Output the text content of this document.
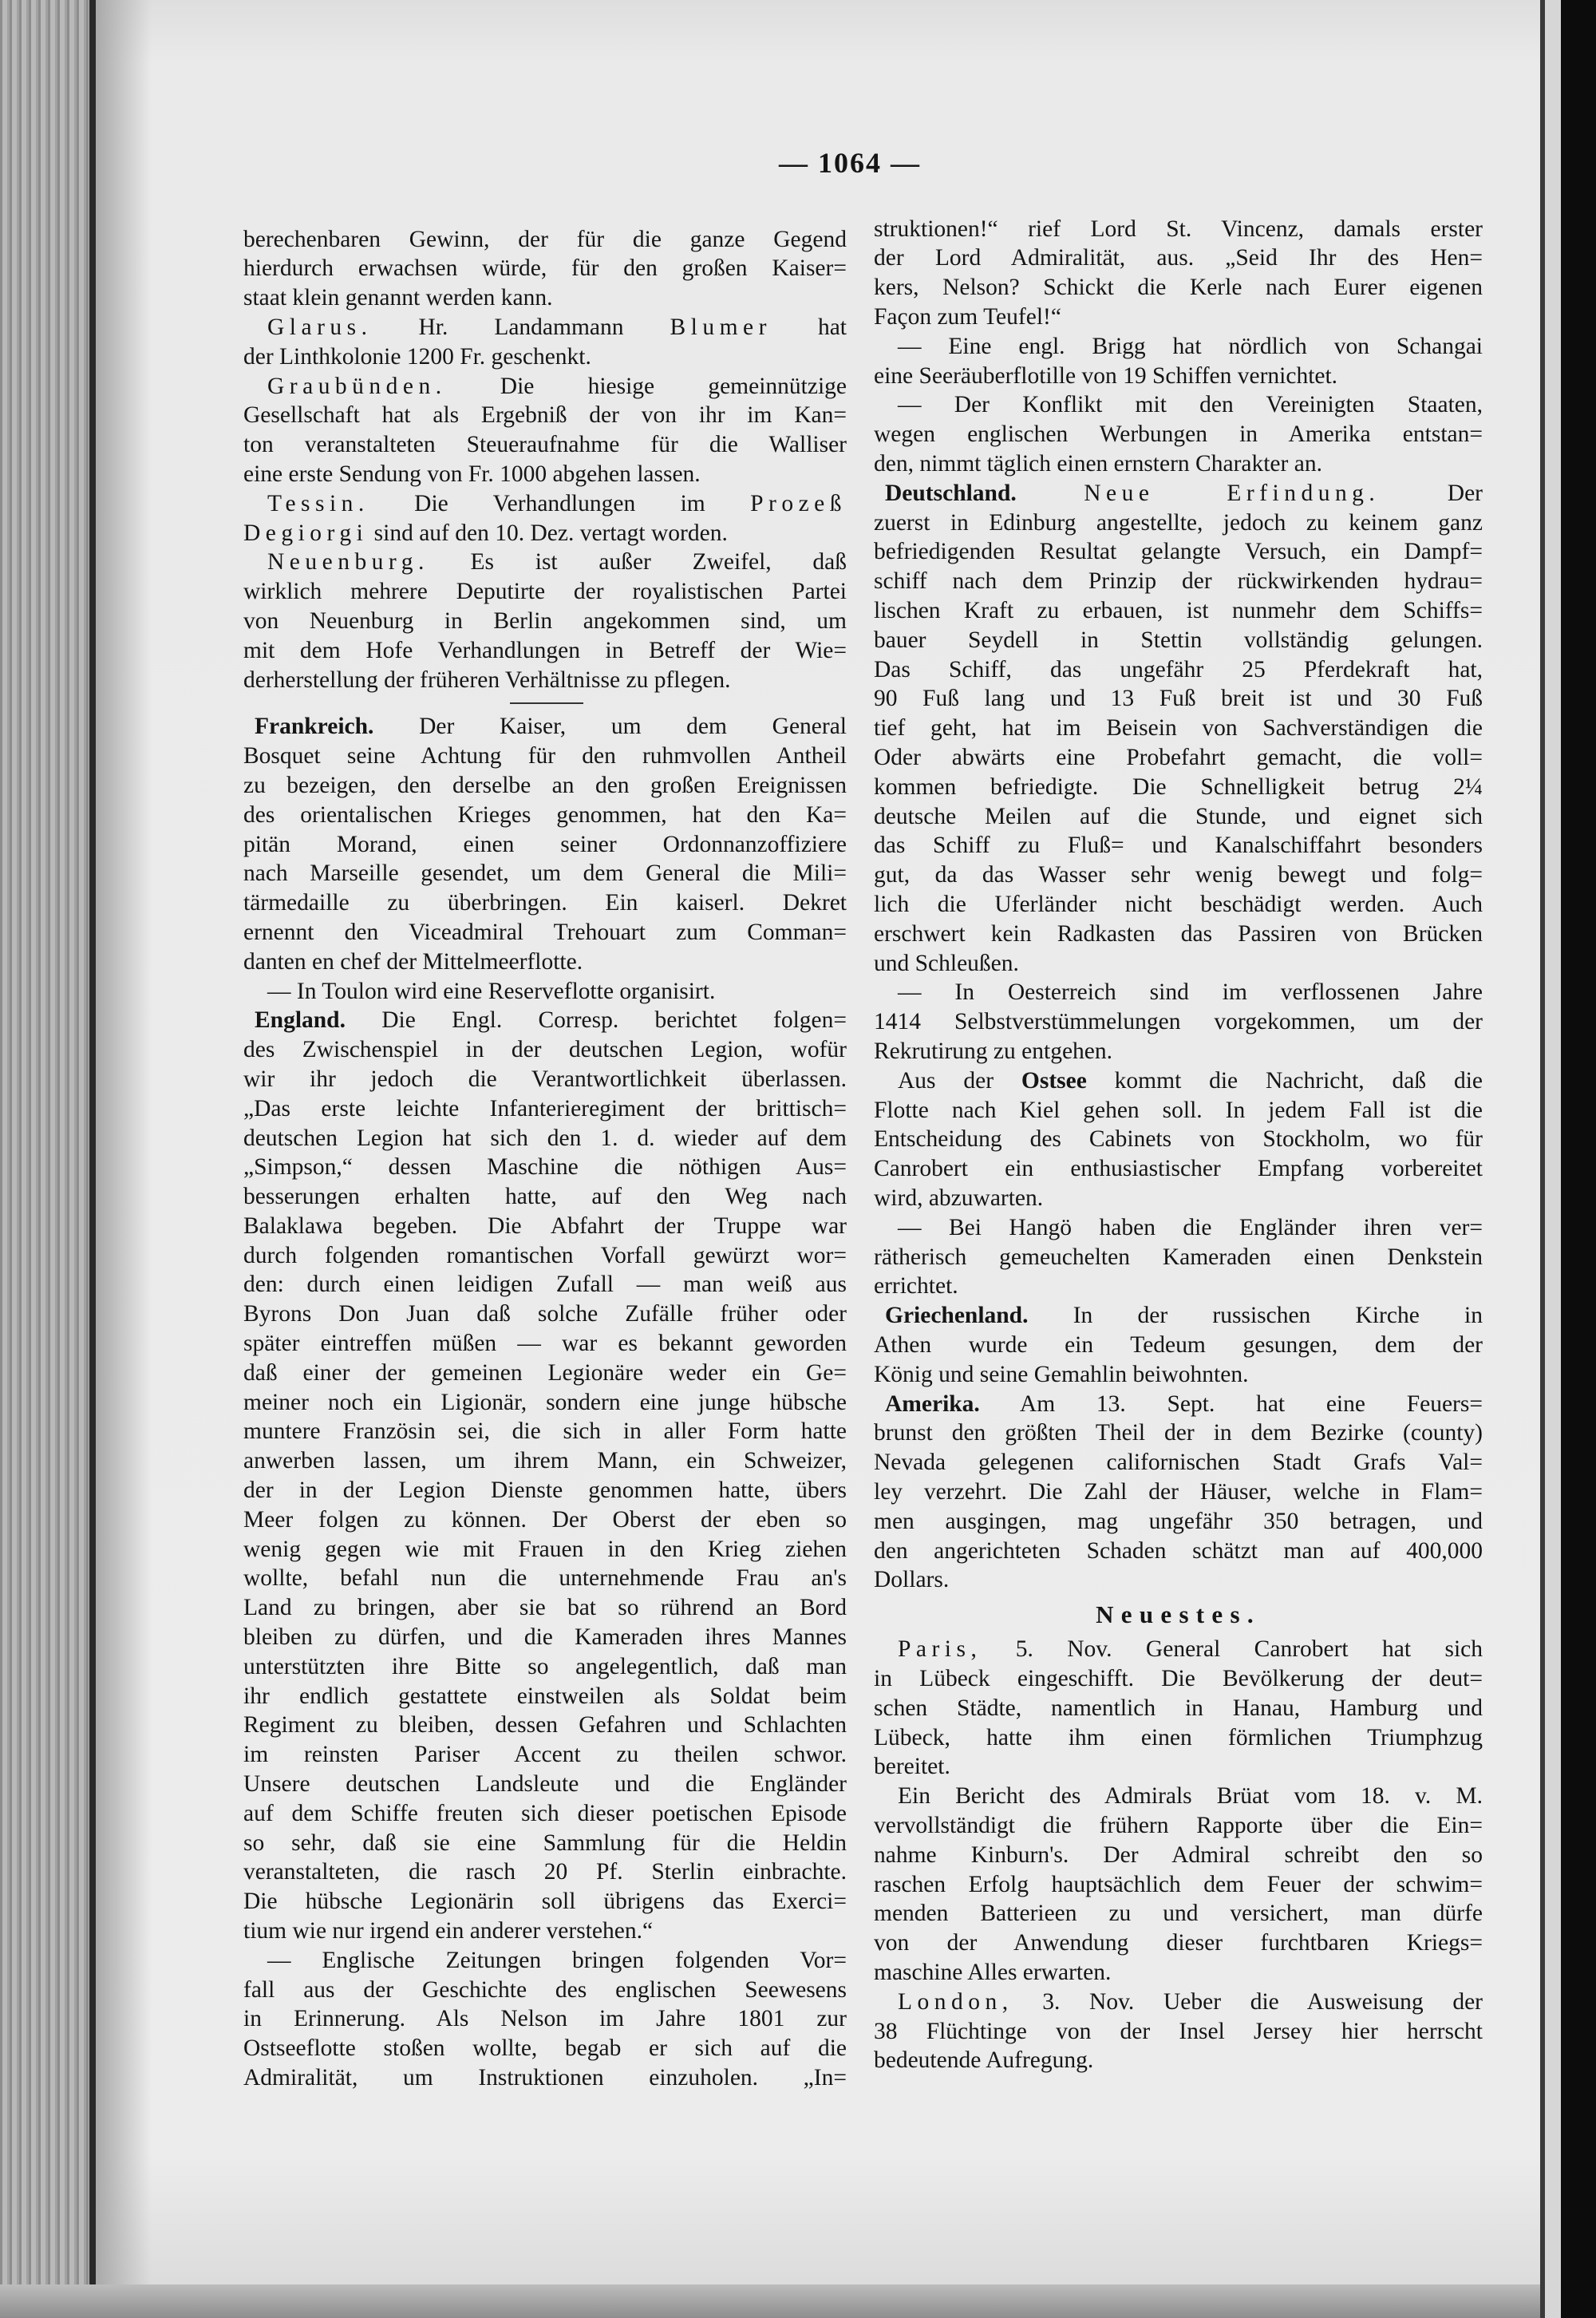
— 1064 —
berechenbaren Gewinn, der für die ganze Gegend
hierdurch erwachsen würde, für den großen Kaiser=
staat klein genannt werden kann.
Glarus. Hr. Landammann Blumer hat
der Linthkolonie 1200 Fr. geschenkt.
Graubünden. Die hiesige gemeinnützige
Gesellschaft hat als Ergebniß der von ihr im Kan=
ton veranstalteten Steueraufnahme für die Walliser
eine erste Sendung von Fr. 1000 abgehen lassen.
Tessin. Die Verhandlungen im Prozeß
Degiorgi sind auf den 10. Dez. vertagt worden.
Neuenburg. Es ist außer Zweifel, daß
wirklich mehrere Deputirte der royalistischen Partei
von Neuenburg in Berlin angekommen sind, um
mit dem Hofe Verhandlungen in Betreff der Wie=
derherstellung der früheren Verhältnisse zu pflegen.
Frankreich. Der Kaiser, um dem General
Bosquet seine Achtung für den ruhmvollen Antheil
zu bezeigen, den derselbe an den großen Ereignissen
des orientalischen Krieges genommen, hat den Ka=
pitän Morand, einen seiner Ordonnanzoffiziere
nach Marseille gesendet, um dem General die Mili=
tärmedaille zu überbringen. Ein kaiserl. Dekret
ernennt den Viceadmiral Trehouart zum Comman=
danten en chef der Mittelmeerflotte.
— In Toulon wird eine Reserveflotte organisirt.
England. Die Engl. Corresp. berichtet folgen=
des Zwischenspiel in der deutschen Legion, wofür
wir ihr jedoch die Verantwortlichkeit überlassen.
„Das erste leichte Infanterieregiment der brittisch=
deutschen Legion hat sich den 1. d. wieder auf dem
„Simpson,“ dessen Maschine die nöthigen Aus=
besserungen erhalten hatte, auf den Weg nach
Balaklawa begeben. Die Abfahrt der Truppe war
durch folgenden romantischen Vorfall gewürzt wor=
den: durch einen leidigen Zufall — man weiß aus
Byrons Don Juan daß solche Zufälle früher oder
später eintreffen müßen — war es bekannt geworden
daß einer der gemeinen Legionäre weder ein Ge=
meiner noch ein Ligionär, sondern eine junge hübsche
muntere Französin sei, die sich in aller Form hatte
anwerben lassen, um ihrem Mann, ein Schweizer,
der in der Legion Dienste genommen hatte, übers
Meer folgen zu können. Der Oberst der eben so
wenig gegen wie mit Frauen in den Krieg ziehen
wollte, befahl nun die unternehmende Frau an's
Land zu bringen, aber sie bat so rührend an Bord
bleiben zu dürfen, und die Kameraden ihres Mannes
unterstützten ihre Bitte so angelegentlich, daß man
ihr endlich gestattete einstweilen als Soldat beim
Regiment zu bleiben, dessen Gefahren und Schlachten
im reinsten Pariser Accent zu theilen schwor.
Unsere deutschen Landsleute und die Engländer
auf dem Schiffe freuten sich dieser poetischen Episode
so sehr, daß sie eine Sammlung für die Heldin
veranstalteten, die rasch 20 Pf. Sterlin einbrachte.
Die hübsche Legionärin soll übrigens das Exerci=
tium wie nur irgend ein anderer verstehen.“
— Englische Zeitungen bringen folgenden Vor=
fall aus der Geschichte des englischen Seewesens
in Erinnerung. Als Nelson im Jahre 1801 zur
Ostseeflotte stoßen wollte, begab er sich auf die
Admiralität, um Instruktionen einzuholen. „In=
struktionen!“ rief Lord St. Vincenz, damals erster
der Lord Admiralität, aus. „Seid Ihr des Hen=
kers, Nelson? Schickt die Kerle nach Eurer eigenen
Façon zum Teufel!“
— Eine engl. Brigg hat nördlich von Schangai
eine Seeräuberflotille von 19 Schiffen vernichtet.
— Der Konflikt mit den Vereinigten Staaten,
wegen englischen Werbungen in Amerika entstan=
den, nimmt täglich einen ernstern Charakter an.
Deutschland.	Neue Erfindung. Der
zuerst in Edinburg angestellte, jedoch zu keinem ganz
befriedigenden Resultat gelangte Versuch, ein Dampf=
schiff nach dem Prinzip der rückwirkenden hydrau=
lischen Kraft zu erbauen, ist nunmehr dem Schiffs=
bauer Seydell in Stettin vollständig gelungen.
Das Schiff, das ungefähr 25 Pferdekraft hat,
90 Fuß lang und 13 Fuß breit ist und 30 Fuß
tief geht, hat im Beisein von Sachverständigen die
Oder abwärts eine Probefahrt gemacht, die voll=
kommen befriedigte. Die Schnelligkeit betrug 2¼
deutsche Meilen auf die Stunde, und eignet sich
das Schiff zu Fluß= und Kanalschiffahrt besonders
gut, da das Wasser sehr wenig bewegt und folg=
lich die Uferländer nicht beschädigt werden. Auch
erschwert kein Radkasten das Passiren von Brücken
und Schleußen.
— In Oesterreich sind im verflossenen Jahre
1414 Selbstverstümmelungen vorgekommen, um der
Rekrutirung zu entgehen.
Aus der Ostsee kommt die Nachricht, daß die
Flotte nach Kiel gehen soll. In jedem Fall ist die
Entscheidung des Cabinets von Stockholm, wo für
Canrobert ein enthusiastischer Empfang vorbereitet
wird, abzuwarten.
— Bei Hangö haben die Engländer ihren ver=
rätherisch gemeuchelten Kameraden einen Denkstein
errichtet.
Griechenland. In der russischen Kirche in
Athen wurde ein Tedeum gesungen, dem der
König und seine Gemahlin beiwohnten.
Amerika. Am 13. Sept. hat eine Feuers=
brunst den größten Theil der in dem Bezirke (county)
Nevada gelegenen californischen Stadt Grafs Val=
ley verzehrt. Die Zahl der Häuser, welche in Flam=
men ausgingen, mag ungefähr 350 betragen, und
den angerichteten Schaden schätzt man auf 400,000
Dollars.
Neuestes.
Paris, 5. Nov. General Canrobert hat sich
in Lübeck eingeschifft. Die Bevölkerung der deut=
schen Städte, namentlich in Hanau, Hamburg und
Lübeck, hatte ihm einen förmlichen Triumphzug
bereitet.
Ein Bericht des Admirals Brüat vom 18. v. M.
vervollständigt die frühern Rapporte über die Ein=
nahme Kinburn's. Der Admiral schreibt den so
raschen Erfolg hauptsächlich dem Feuer der schwim=
menden Batterieen zu und versichert, man dürfe
von der Anwendung dieser furchtbaren Kriegs=
maschine Alles erwarten.
London, 3. Nov. Ueber die Ausweisung der
38 Flüchtinge von der Insel Jersey hier herrscht
bedeutende Aufregung.
